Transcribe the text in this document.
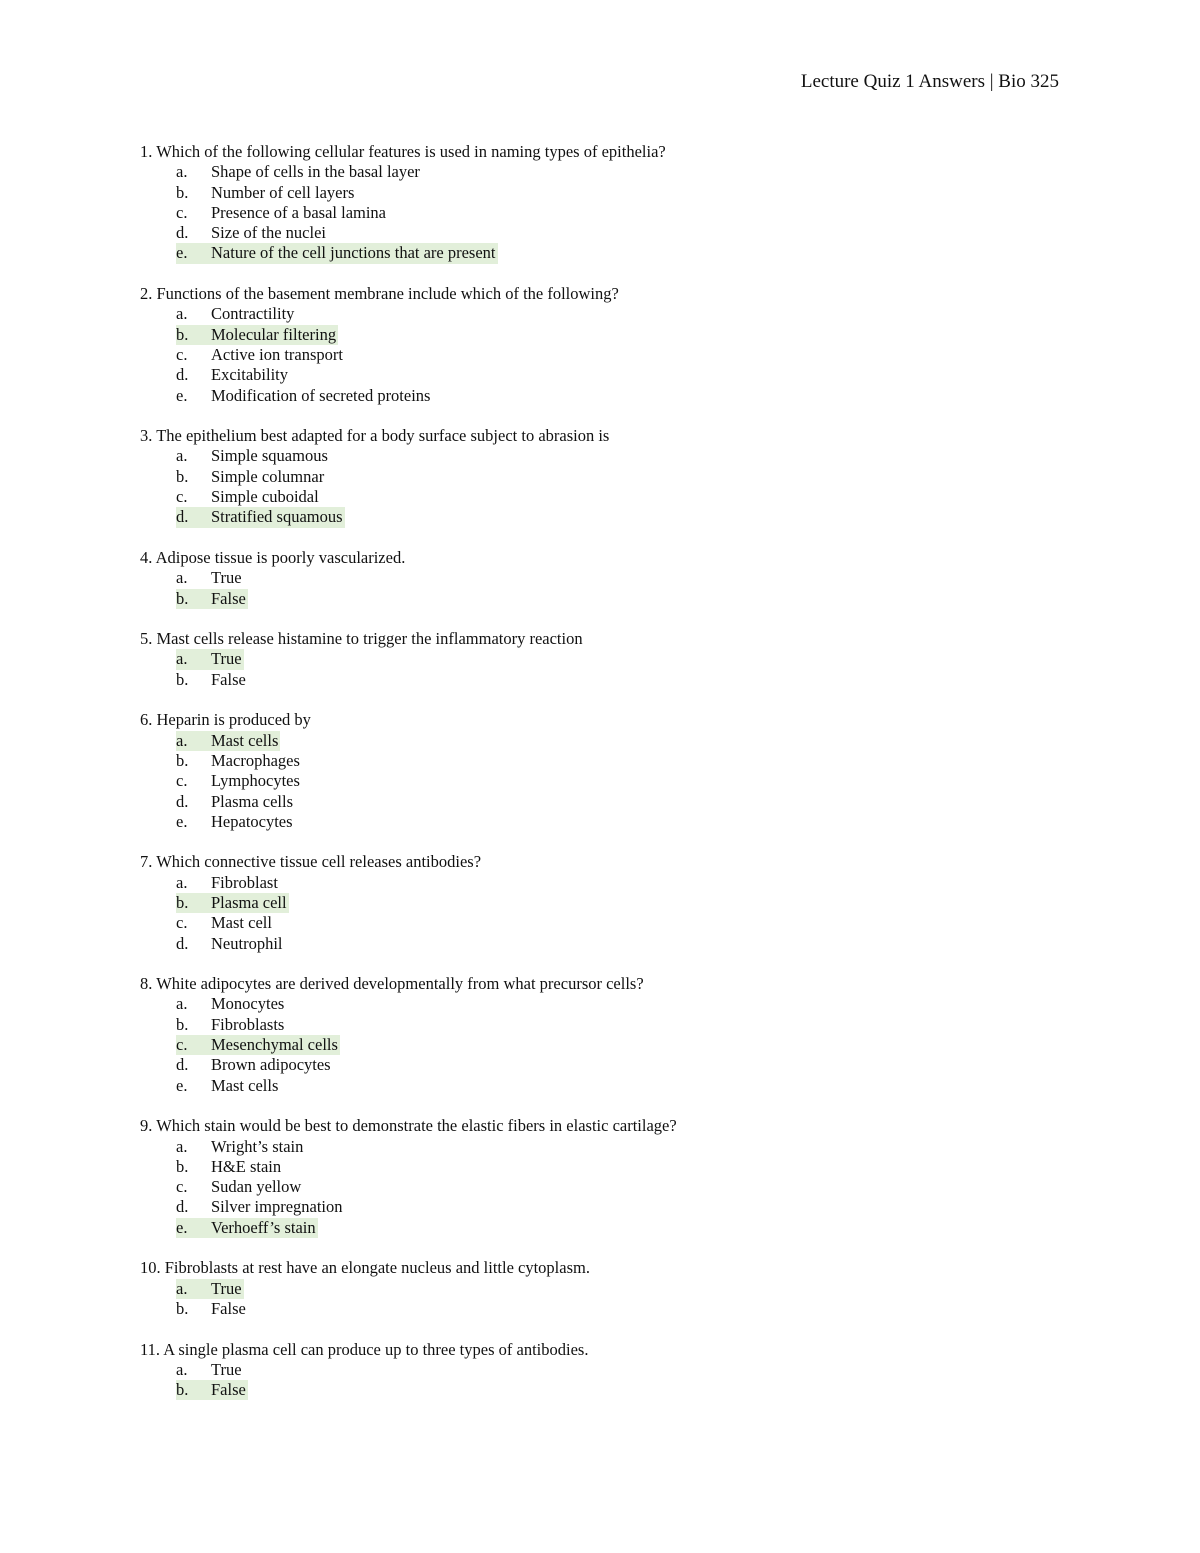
Lecture Quiz 1 Answers | Bio 325
1. Which of the following cellular features is used in naming types of epithelia?
a. Shape of cells in the basal layer
b. Number of cell layers
c. Presence of a basal lamina
d. Size of the nuclei
e. Nature of the cell junctions that are present
2. Functions of the basement membrane include which of the following?
a. Contractility
b. Molecular filtering
c. Active ion transport
d. Excitability
e. Modification of secreted proteins
3. The epithelium best adapted for a body surface subject to abrasion is
a. Simple squamous
b. Simple columnar
c. Simple cuboidal
d. Stratified squamous
4. Adipose tissue is poorly vascularized.
a. True
b. False
5. Mast cells release histamine to trigger the inflammatory reaction
a. True
b. False
6. Heparin is produced by
a. Mast cells
b. Macrophages
c. Lymphocytes
d. Plasma cells
e. Hepatocytes
7. Which connective tissue cell releases antibodies?
a. Fibroblast
b. Plasma cell
c. Mast cell
d. Neutrophil
8. White adipocytes are derived developmentally from what precursor cells?
a. Monocytes
b. Fibroblasts
c. Mesenchymal cells
d. Brown adipocytes
e. Mast cells
9. Which stain would be best to demonstrate the elastic fibers in elastic cartilage?
a. Wright’s stain
b. H&E stain
c. Sudan yellow
d. Silver impregnation
e. Verhoeff’s stain
10. Fibroblasts at rest have an elongate nucleus and little cytoplasm.
a. True
b. False
11. A single plasma cell can produce up to three types of antibodies.
a. True
b. False
